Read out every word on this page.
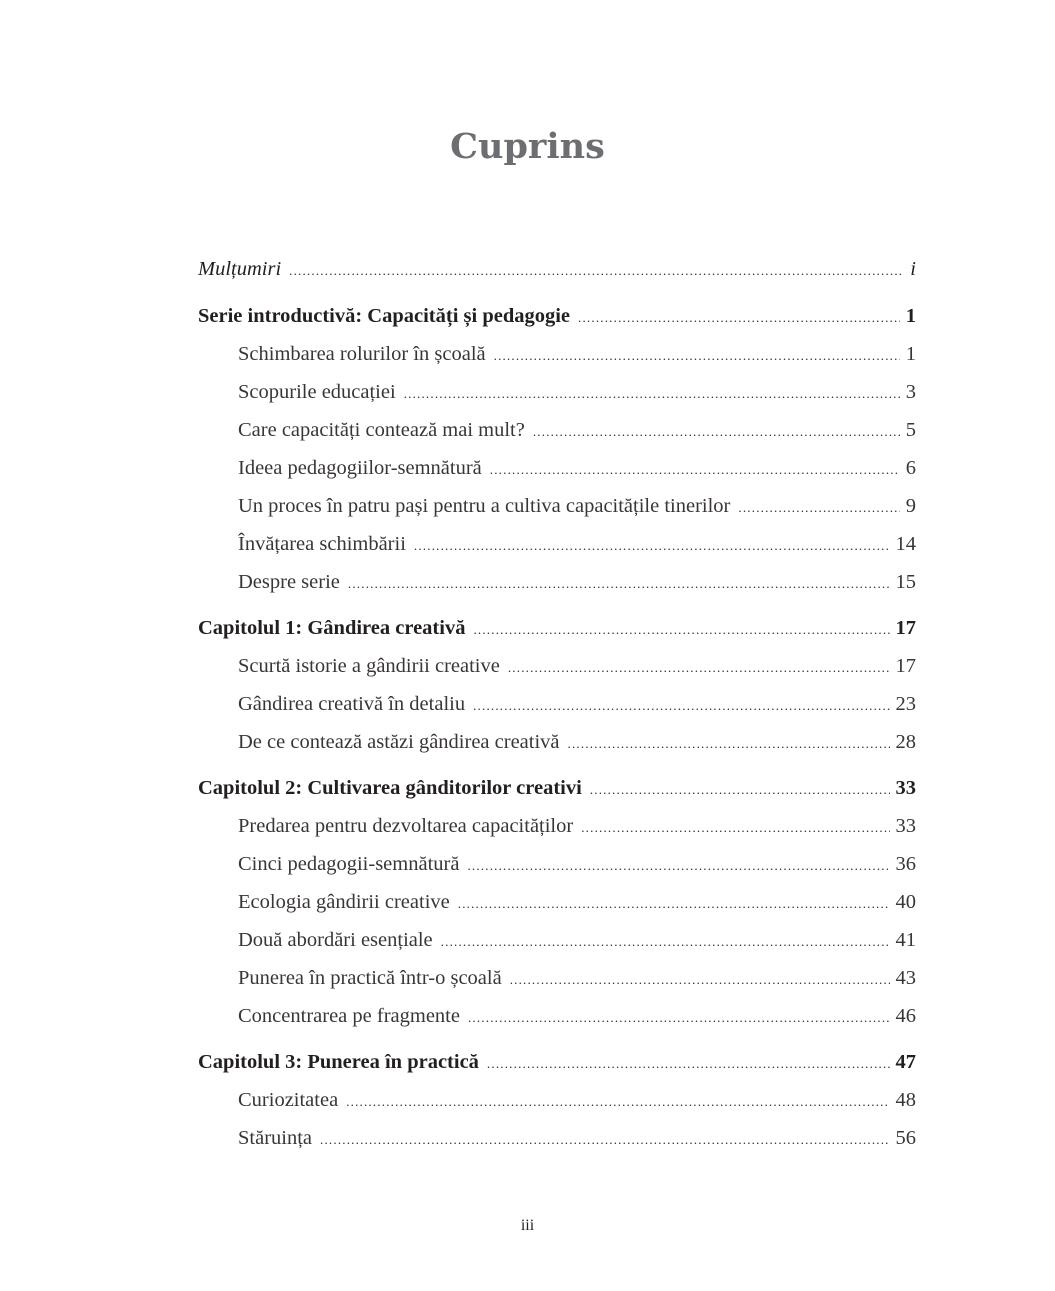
Cuprins
Mulțumiri .....	i
Serie introductivă: Capacități și pedagogie .....	1
Schimbarea rolurilor în școală .....	1
Scopurile educației .....	3
Care capacități contează mai mult? .....	5
Ideea pedagogiilor-semnătură .....	6
Un proces în patru pași pentru a cultiva capacitățile tinerilor .....	9
Învățarea schimbării .....	14
Despre serie .....	15
Capitolul 1: Gândirea creativă .....	17
Scurtă istorie a gândirii creative .....	17
Gândirea creativă în detaliu .....	23
De ce contează astăzi gândirea creativă .....	28
Capitolul 2: Cultivarea gânditorilor creativi .....	33
Predarea pentru dezvoltarea capacităților .....	33
Cinci pedagogii-semnătură .....	36
Ecologia gândirii creative .....	40
Două abordări esențiale .....	41
Punerea în practică într-o școală .....	43
Concentrarea pe fragmente .....	46
Capitolul 3: Punerea în practică .....	47
Curiozitatea .....	48
Stăruința .....	56
iii
